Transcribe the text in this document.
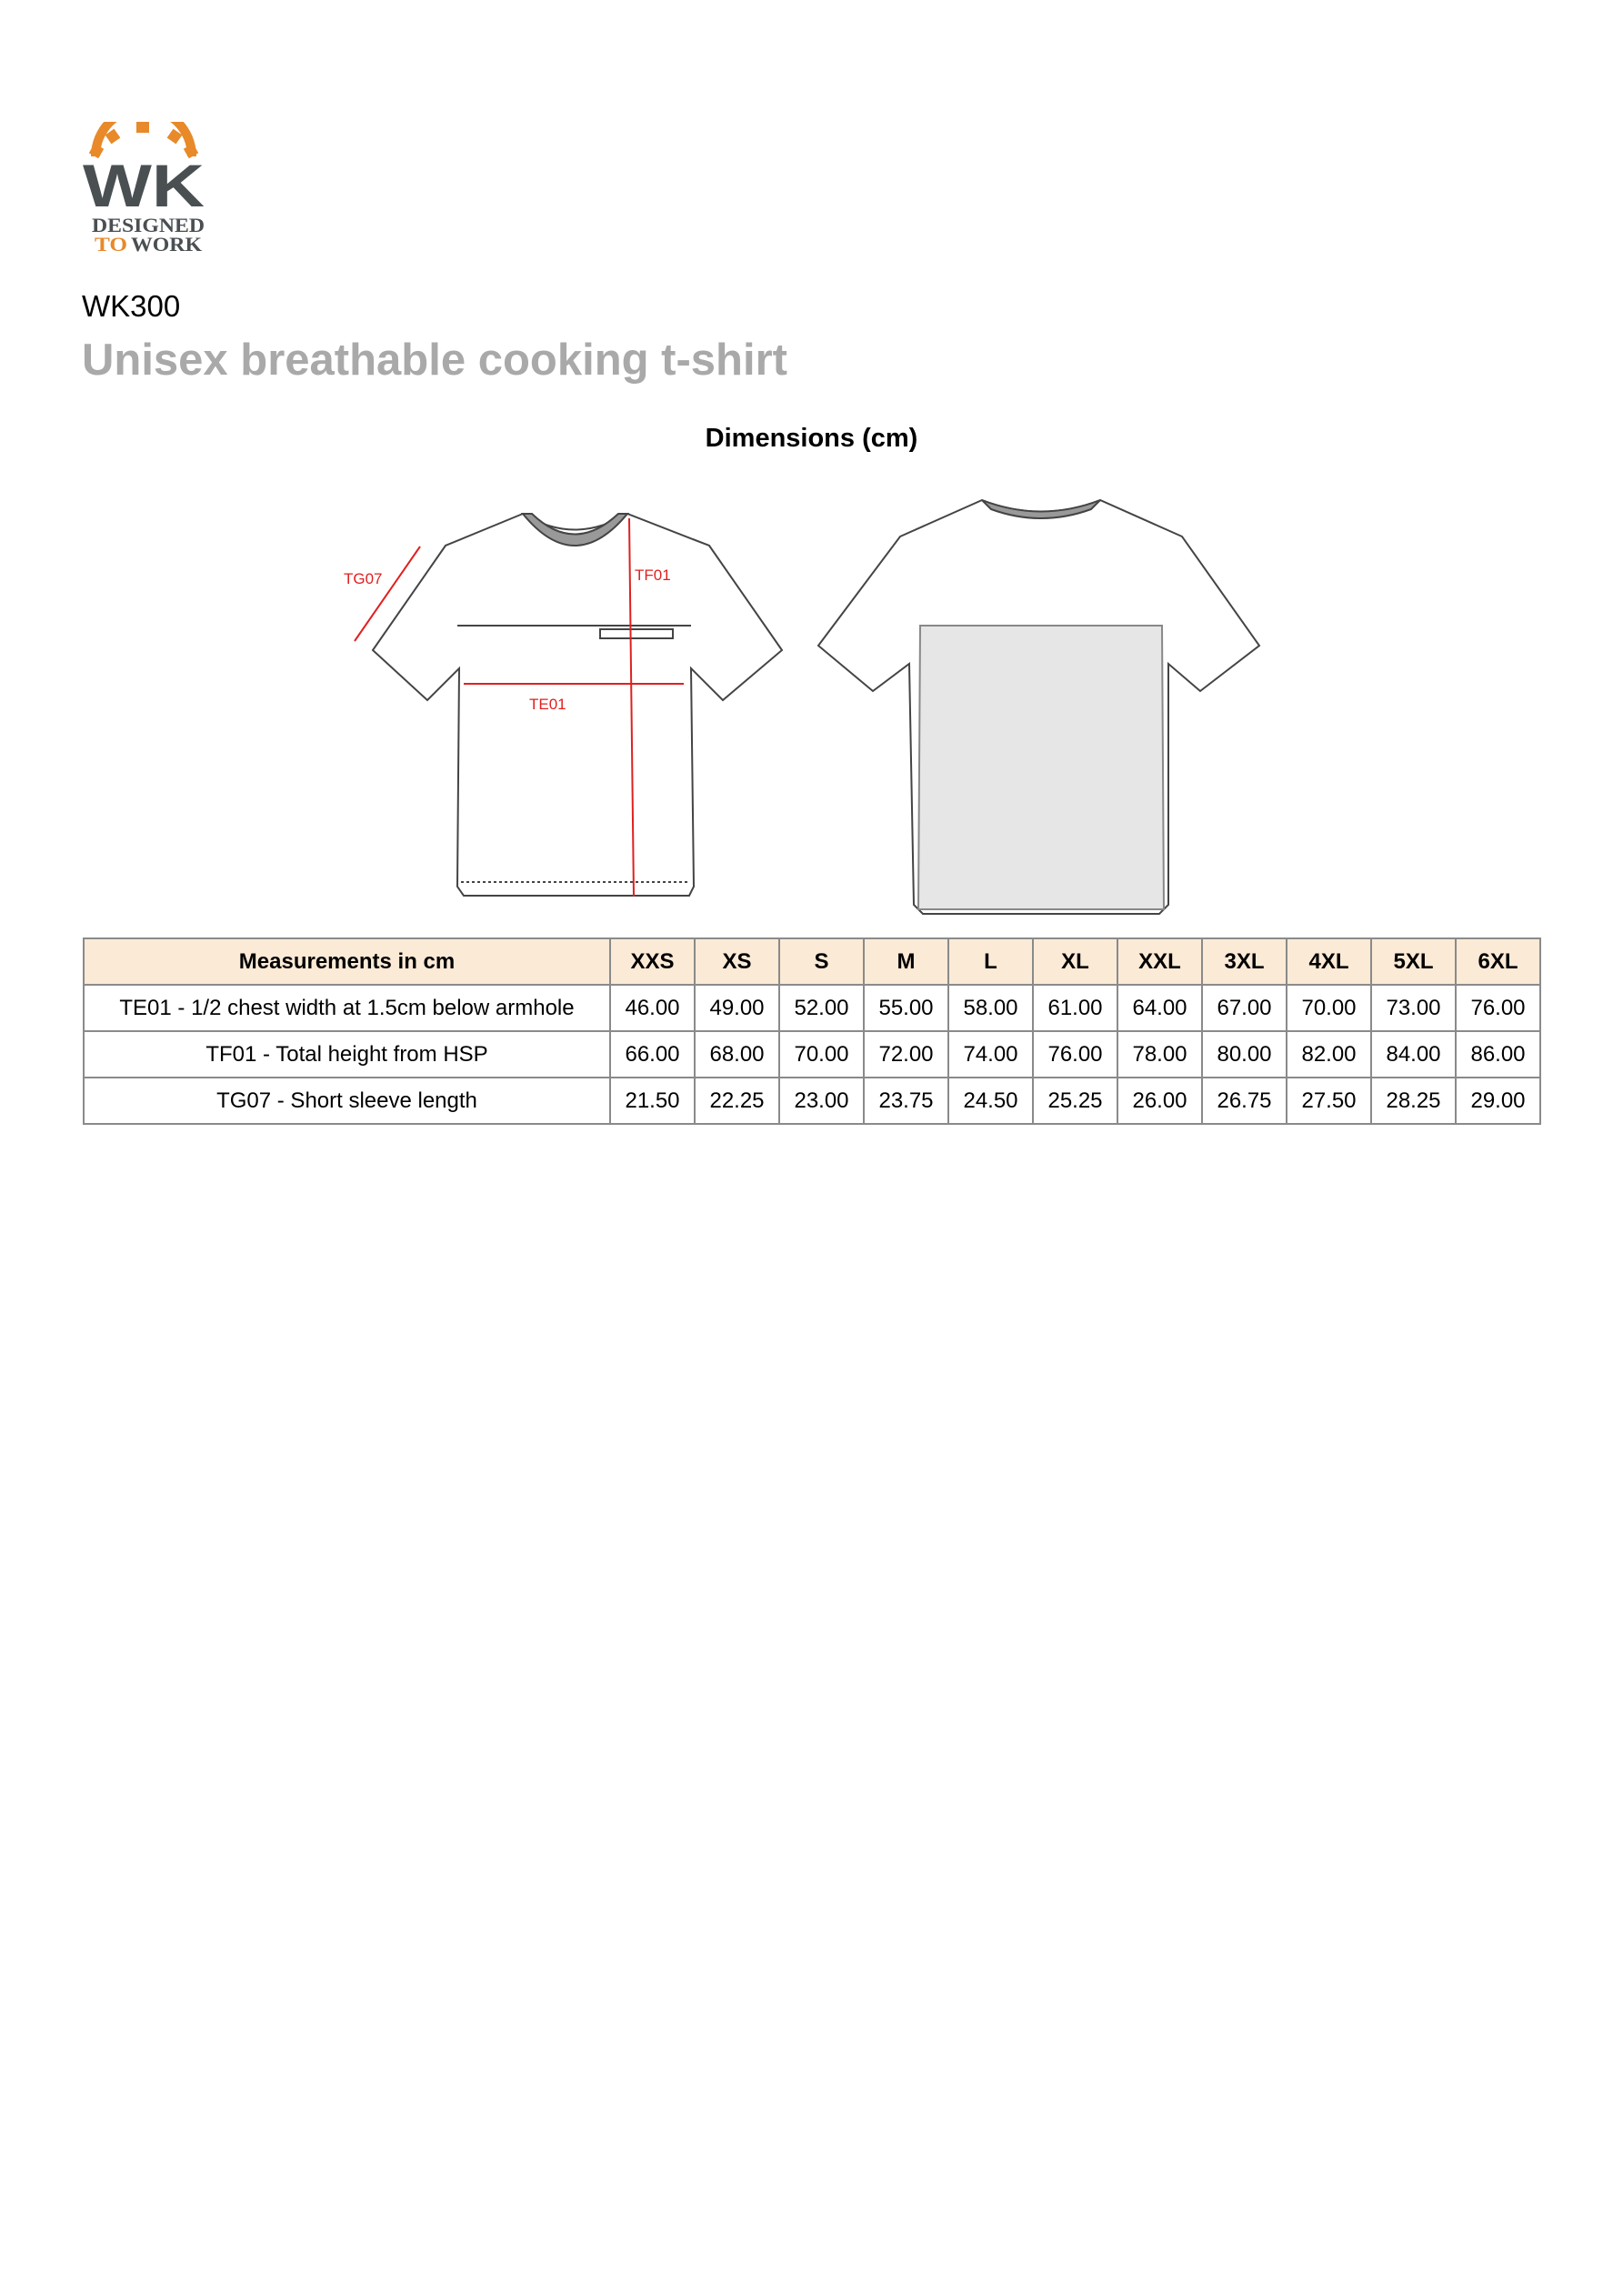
WK
DESIGNED
TO WORK
WK300
Unisex breathable cooking t-shirt
Dimensions (cm)
TG07	TF01
TE01
Measurements in cm	XXS	XS	S	M	L	XL	XXL	3XL	4XL	5XL	6XL
TE01 - 1/2 chest width at 1.5cm below armhole	46.00	49.00	52.00	55.00	58.00	61.00	64.00	67.00	70.00	73.00	76.00
TF01 - Total height from HSP	66.00	68.00	70.00	72.00	74.00	76.00	78.00	80.00	82.00	84.00	86.00
TG07 - Short sleeve length	21.50	22.25	23.00	23.75	24.50	25.25	26.00	26.75	27.50	28.25	29.00
